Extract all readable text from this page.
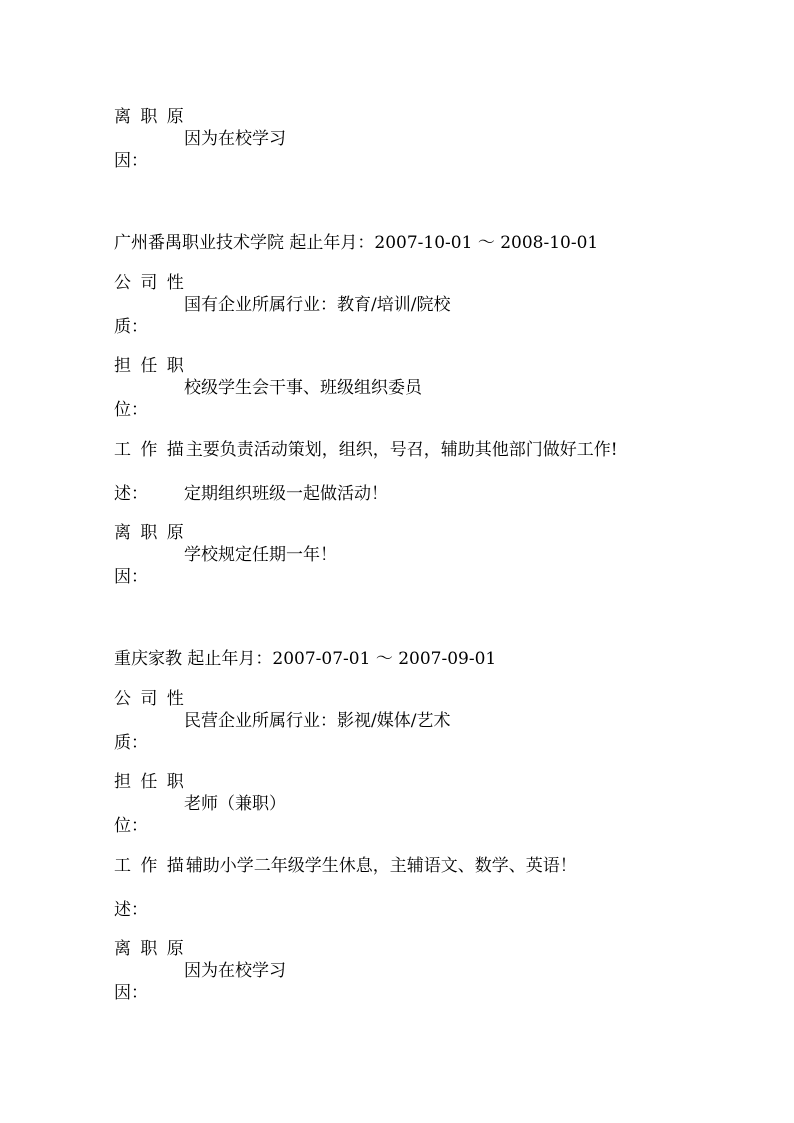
离 职 原
因：
因为在校学习
广州番禺职业技术学院 起止年月：2007-10-01 ～ 2008-10-01
公 司 性
质：
国有企业所属行业：教育/培训/院校
担 任 职
位：
校级学生会干事、班级组织委员
工 作 描主要负责活动策划，组织，号召，辅助其他部门做好工作!
述： 定期组织班级一起做活动！
离 职 原
因：
学校规定任期一年！
重庆家教 起止年月：2007-07-01 ～ 2007-09-01
公 司 性
质：
民营企业所属行业：影视/媒体/艺术
担 任 职
位：
老师（兼职）
工 作 描辅助小学二年级学生休息，主辅语文、数学、英语！
述：
离 职 原
因：
因为在校学习
